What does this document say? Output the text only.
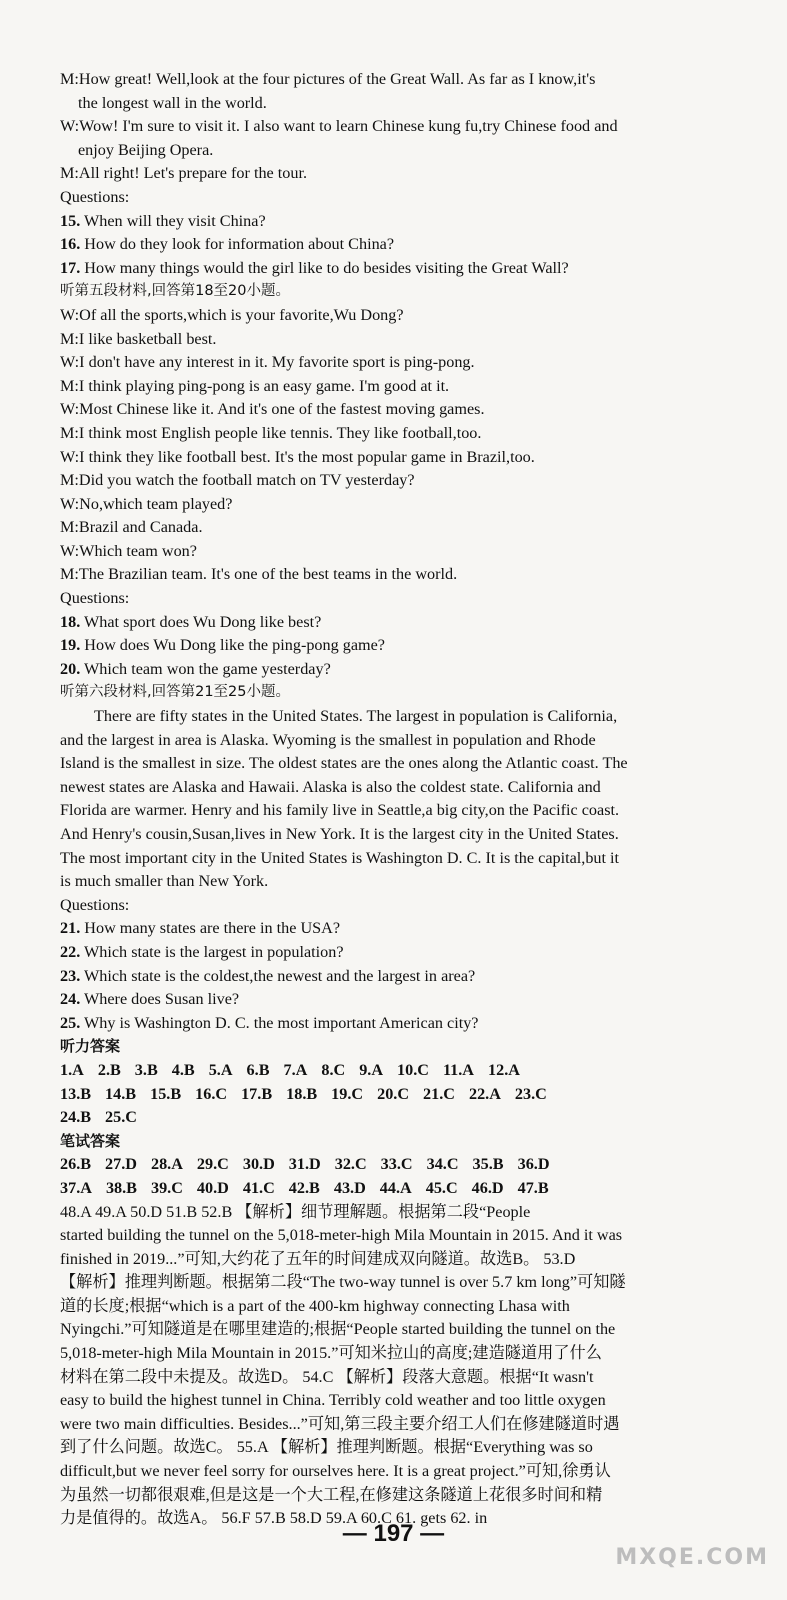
M:How great! Well,look at the four pictures of the Great Wall. As far as I know,it's
the longest wall in the world.
W:Wow! I'm sure to visit it. I also want to learn Chinese kung fu,try Chinese food and
enjoy Beijing Opera.
M:All right! Let's prepare for the tour.
Questions:
15. When will they visit China?
16. How do they look for information about China?
17. How many things would the girl like to do besides visiting the Great Wall?
听第五段材料,回答第18至20小题。
W:Of all the sports,which is your favorite,Wu Dong?
M:I like basketball best.
W:I don't have any interest in it. My favorite sport is ping-pong.
M:I think playing ping-pong is an easy game. I'm good at it.
W:Most Chinese like it. And it's one of the fastest moving games.
M:I think most English people like tennis. They like football,too.
W:I think they like football best. It's the most popular game in Brazil,too.
M:Did you watch the football match on TV yesterday?
W:No,which team played?
M:Brazil and Canada.
W:Which team won?
M:The Brazilian team. It's one of the best teams in the world.
Questions:
18. What sport does Wu Dong like best?
19. How does Wu Dong like the ping-pong game?
20. Which team won the game yesterday?
听第六段材料,回答第21至25小题。
There are fifty states in the United States. The largest in population is California,
and the largest in area is Alaska. Wyoming is the smallest in population and Rhode
Island is the smallest in size. The oldest states are the ones along the Atlantic coast. The
newest states are Alaska and Hawaii. Alaska is also the coldest state. California and
Florida are warmer. Henry and his family live in Seattle,a big city,on the Pacific coast.
And Henry's cousin,Susan,lives in New York. It is the largest city in the United States.
The most important city in the United States is Washington D. C. It is the capital,but it
is much smaller than New York.
Questions:
21. How many states are there in the USA?
22. Which state is the largest in population?
23. Which state is the coldest,the newest and the largest in area?
24. Where does Susan live?
25. Why is Washington D. C. the most important American city?
听力答案
1.A 2.B 3.B 4.B 5.A 6.B 7.A 8.C 9.A 10.C 11.A 12.A
13.B 14.B 15.B 16.C 17.B 18.B 19.C 20.C 21.C 22.A 23.C
24.B 25.C
笔试答案
26.B 27.D 28.A 29.C 30.D 31.D 32.C 33.C 34.C 35.B 36.D
37.A 38.B 39.C 40.D 41.C 42.B 43.D 44.A 45.C 46.D 47.B
48.A 49.A 50.D 51.B 52.B 【解析】细节理解题。根据第二段“People
started building the tunnel on the 5,018-meter-high Mila Mountain in 2015. And it was
finished in 2019...”可知,大约花了五年的时间建成双向隧道。故选B。 53.D
【解析】推理判断题。根据第二段“The two-way tunnel is over 5.7 km long”可知隧
道的长度;根据“which is a part of the 400-km highway connecting Lhasa with
Nyingchi.”可知隧道是在哪里建造的;根据“People started building the tunnel on the
5,018-meter-high Mila Mountain in 2015.”可知米拉山的高度;建造隧道用了什么
材料在第二段中未提及。故选D。 54.C 【解析】段落大意题。根据“It wasn't
easy to build the highest tunnel in China. Terribly cold weather and too little oxygen
were two main difficulties. Besides...”可知,第三段主要介绍工人们在修建隧道时遇
到了什么问题。故选C。 55.A 【解析】推理判断题。根据“Everything was so
difficult,but we never feel sorry for ourselves here. It is a great project.”可知,徐勇认
为虽然一切都很艰难,但是这是一个大工程,在修建这条隧道上花很多时间和精
力是值得的。故选A。 56.F 57.B 58.D 59.A 60.C 61. gets 62. in
— 197 —
MXQE.COM
